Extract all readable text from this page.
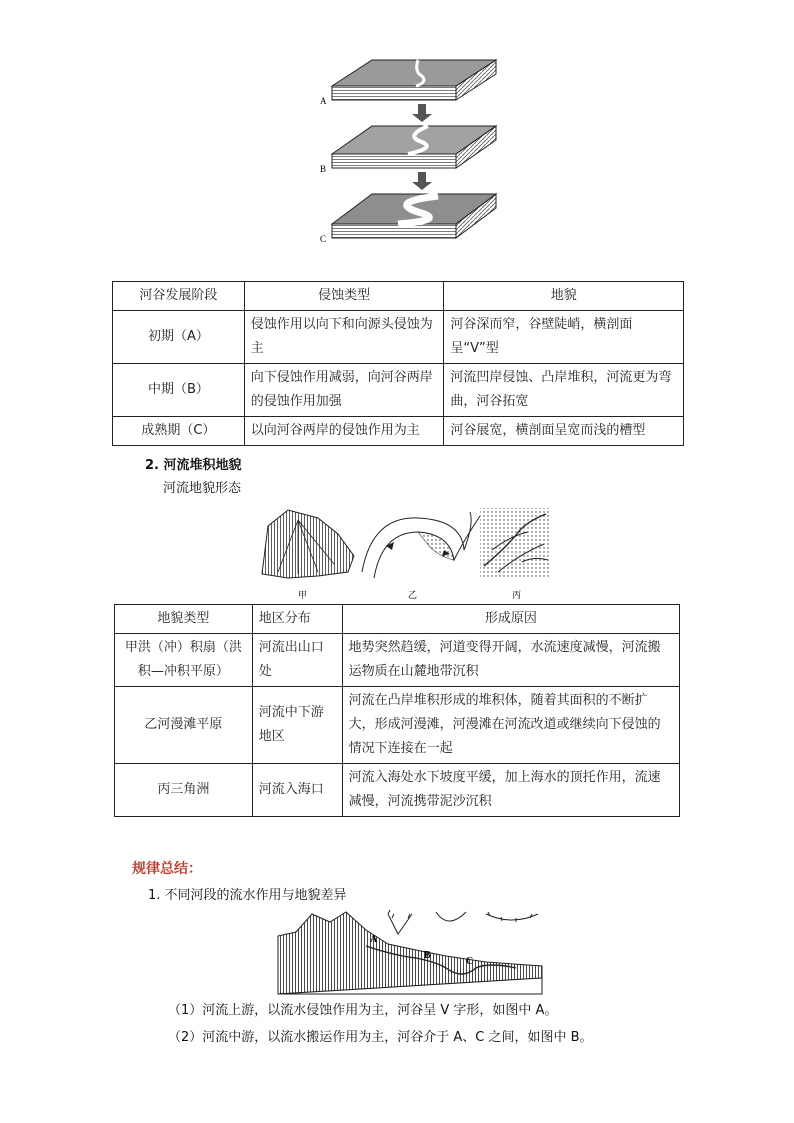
A
B
C
河谷发展阶段	侵蚀类型	地貌
初期（A）	侵蚀作用以向下和向源头侵蚀为主	河谷深而窄，谷壁陡峭，横剖面呈“V”型
中期（B）	向下侵蚀作用减弱，向河谷两岸的侵蚀作用加强	河流凹岸侵蚀、凸岸堆积，河流更为弯曲，河谷拓宽
成熟期（C）	以向河谷两岸的侵蚀作用为主	河谷展宽，横剖面呈宽而浅的槽型
2. 河流堆积地貌
河流地貌形态
甲	乙	丙
地貌类型	地区分布	形成原因
甲洪（冲）积扇（洪积—冲积平原）	河流出山口处	地势突然趋缓，河道变得开阔，水流速度减慢，河流搬运物质在山麓地带沉积
乙河漫滩平原	河流中下游地区	河流在凸岸堆积形成的堆积体，随着其面积的不断扩大，形成河漫滩，河漫滩在河流改道或继续向下侵蚀的情况下连接在一起
丙三角洲	河流入海口	河流入海处水下坡度平缓，加上海水的顶托作用，流速减慢，河流携带泥沙沉积
规律总结：
1. 不同河段的流水作用与地貌差异
A
B
C
（1）河流上游，以流水侵蚀作用为主，河谷呈 V 字形，如图中 A。
（2）河流中游，以流水搬运作用为主，河谷介于 A、C 之间，如图中 B。
